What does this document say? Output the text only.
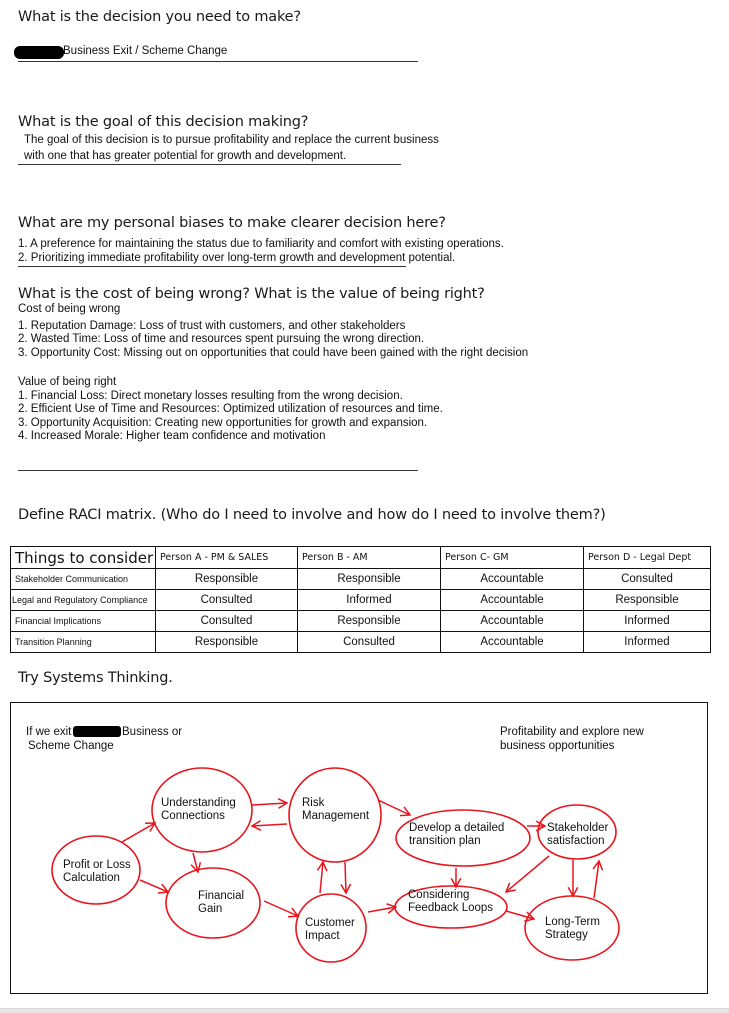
What is the decision you need to make?
Business Exit / Scheme Change
What is the goal of this decision making?
The goal of this decision is to pursue profitability and replace the current business
with one that has greater potential for growth and development.
What are my personal biases to make clearer decision here?
1. A preference for maintaining the status due to familiarity and comfort with existing operations.
2. Prioritizing immediate profitability over long-term growth and development potential.
What is the cost of being wrong? What is the value of being right?
Cost of being wrong
1. Reputation Damage: Loss of trust with customers, and other stakeholders
2. Wasted Time: Loss of time and resources spent pursuing the wrong direction.
3. Opportunity Cost: Missing out on opportunities that could have been gained with the right decision
Value of being right
1. Financial Loss: Direct monetary losses resulting from the wrong decision.
2. Efficient Use of Time and Resources: Optimized utilization of resources and time.
3. Opportunity Acquisition: Creating new opportunities for growth and expansion.
4. Increased Morale: Higher team confidence and motivation
Define RACI matrix. (Who do I need to involve and how do I need to involve them?)
Things to consider	Person A - PM & SALES	Person B - AM	Person C- GM	Person D - Legal Dept
Stakeholder Communication	Responsible	Responsible	Accountable	Consulted
Legal and Regulatory Compliance	Consulted	Informed	Accountable	Responsible
Financial Implications	Consulted	Responsible	Accountable	Informed
Transition Planning	Responsible	Consulted	Accountable	Informed
Try Systems Thinking.
If we exit	Business or
Scheme Change
Profitability and explore new
business opportunities
Profit or Loss
Calculation
Understanding
Connections
Financial
Gain
Risk
Management
Customer
Impact
Develop a detailed
transition plan
Considering
Feedback Loops
Stakeholder
satisfaction
Long-Term
Strategy
